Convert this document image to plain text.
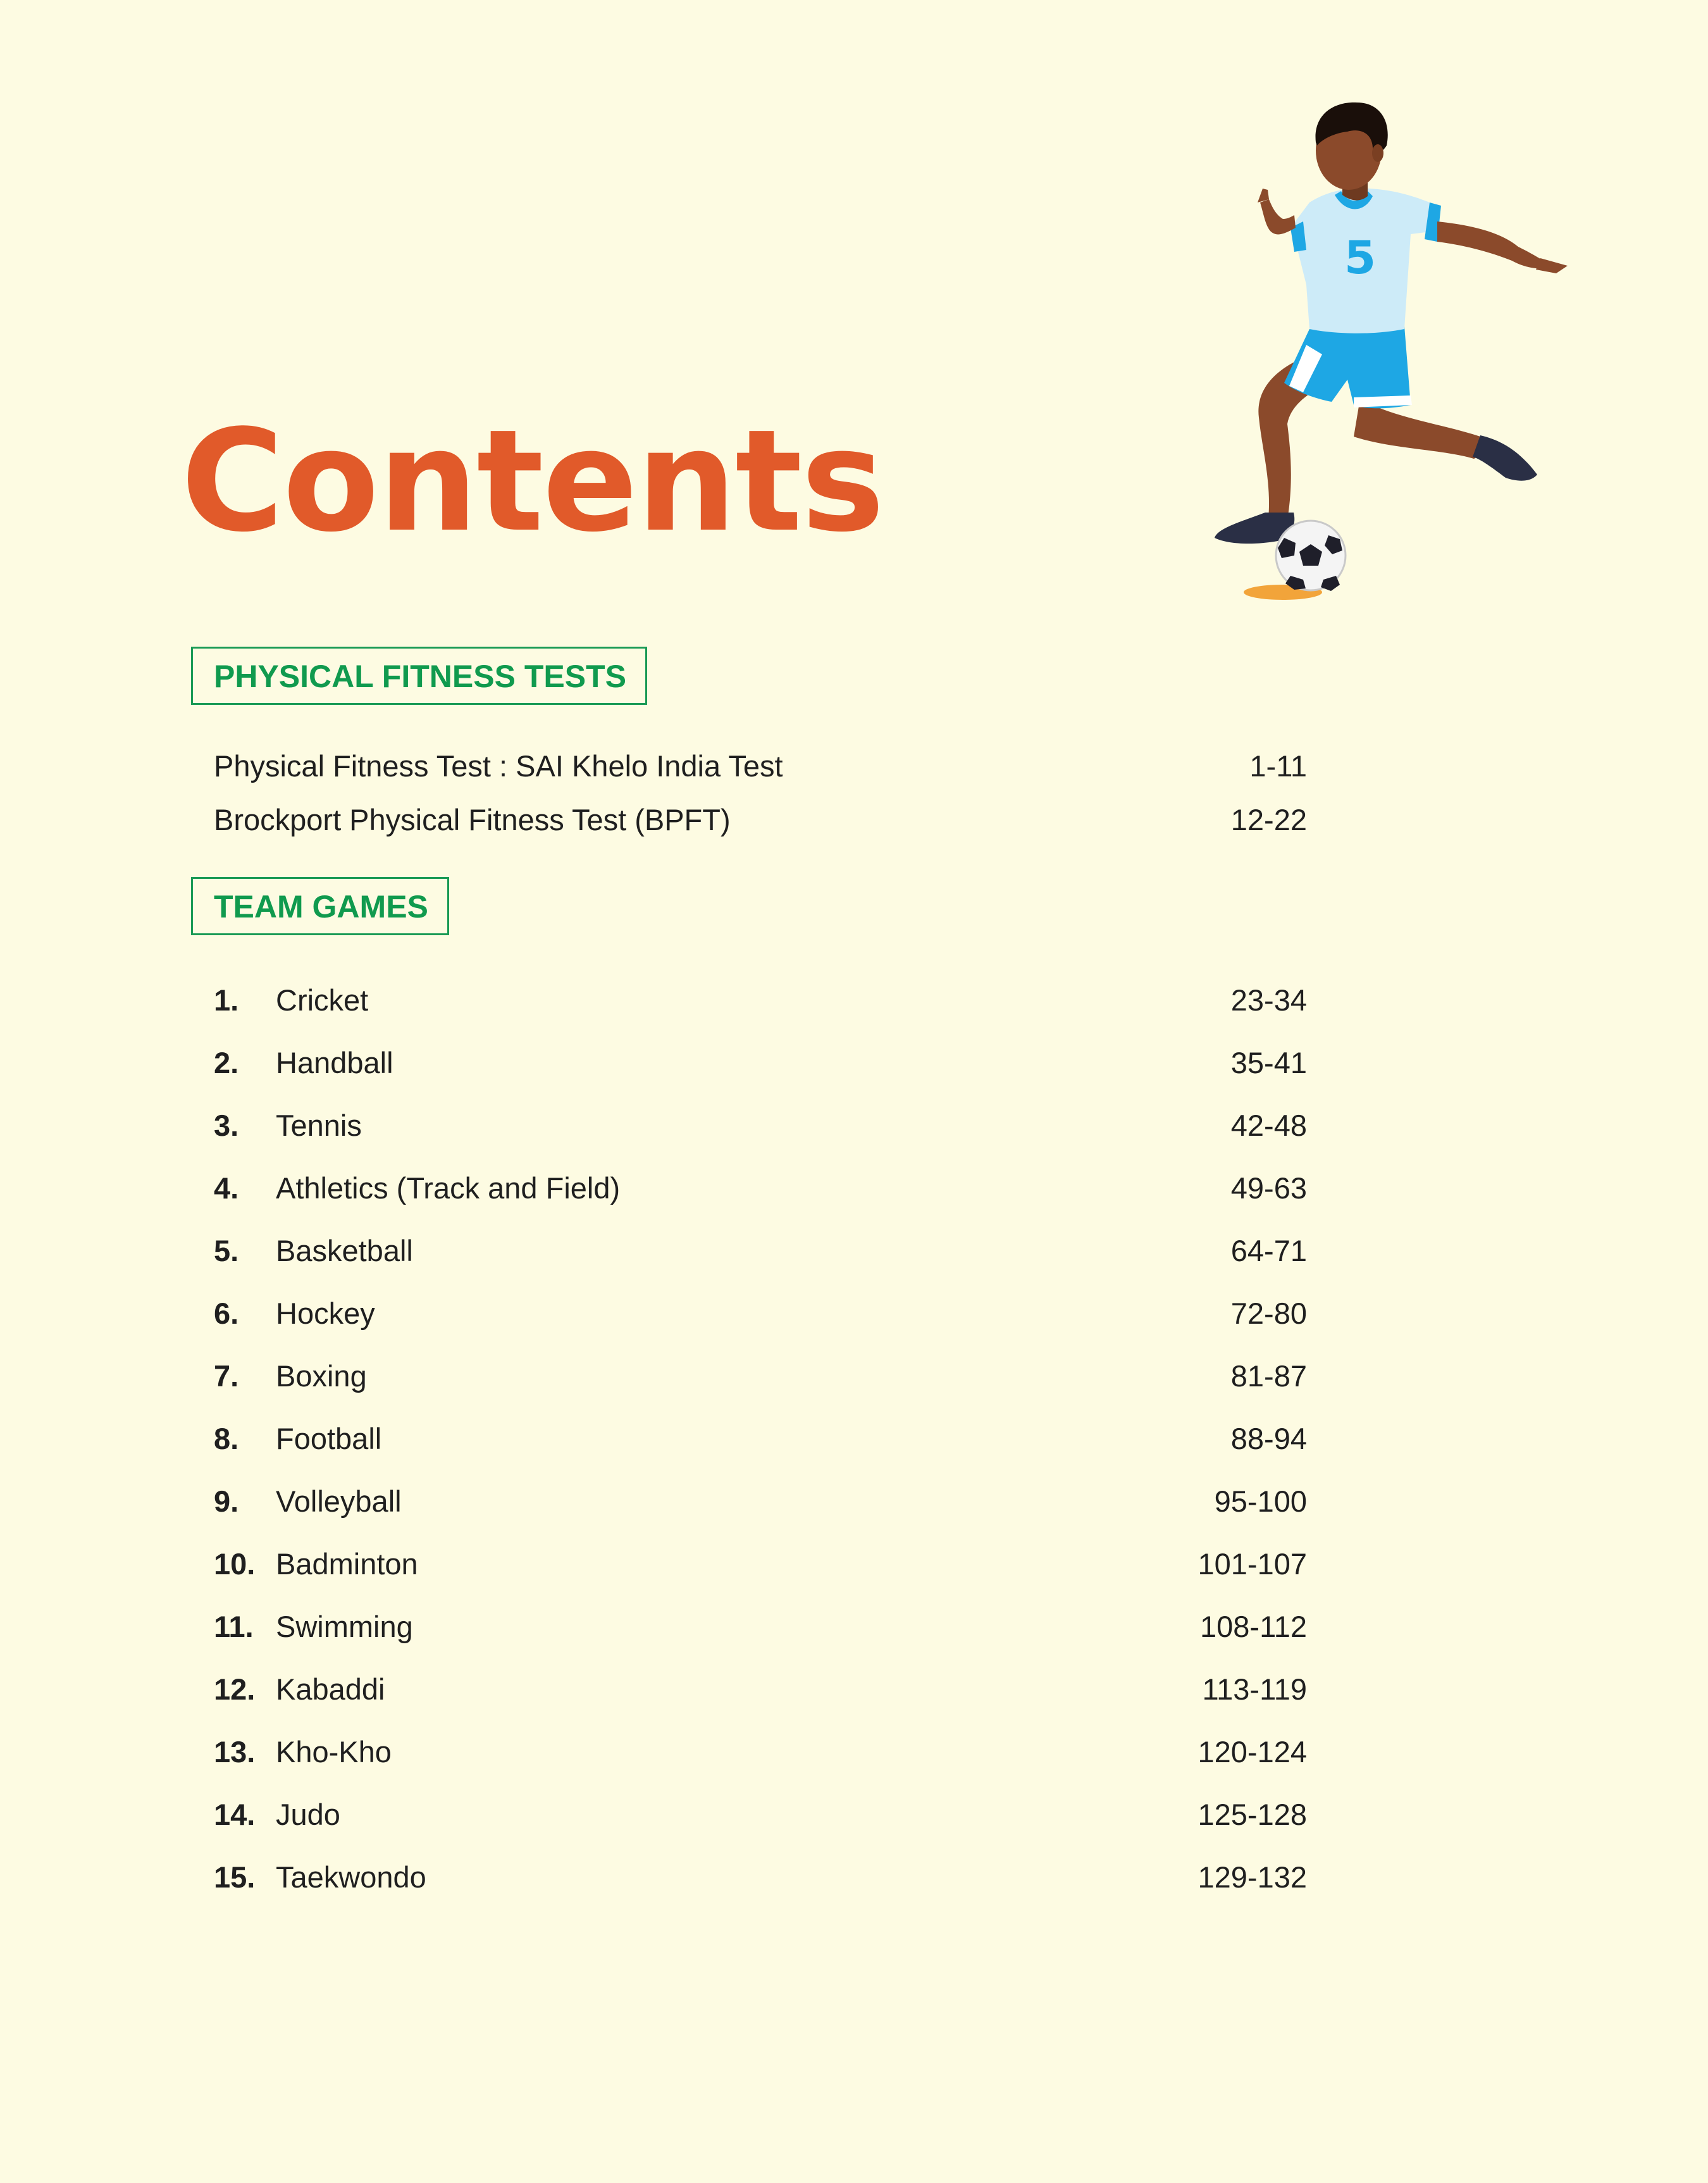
5
Contents
PHYSICAL FITNESS TESTS
Physical Fitness Test : SAI Khelo India Test	1-11
Brockport Physical Fitness Test (BPFT)	12-22
TEAM GAMES
1. Cricket	23-34
2. Handball	35-41
3. Tennis	42-48
4. Athletics (Track and Field)	49-63
5. Basketball	64-71
6. Hockey	72-80
7. Boxing	81-87
8. Football	88-94
9. Volleyball	95-100
10. Badminton	101-107
11. Swimming	108-112
12. Kabaddi	113-119
13. Kho-Kho	120-124
14. Judo	125-128
15. Taekwondo	129-132
